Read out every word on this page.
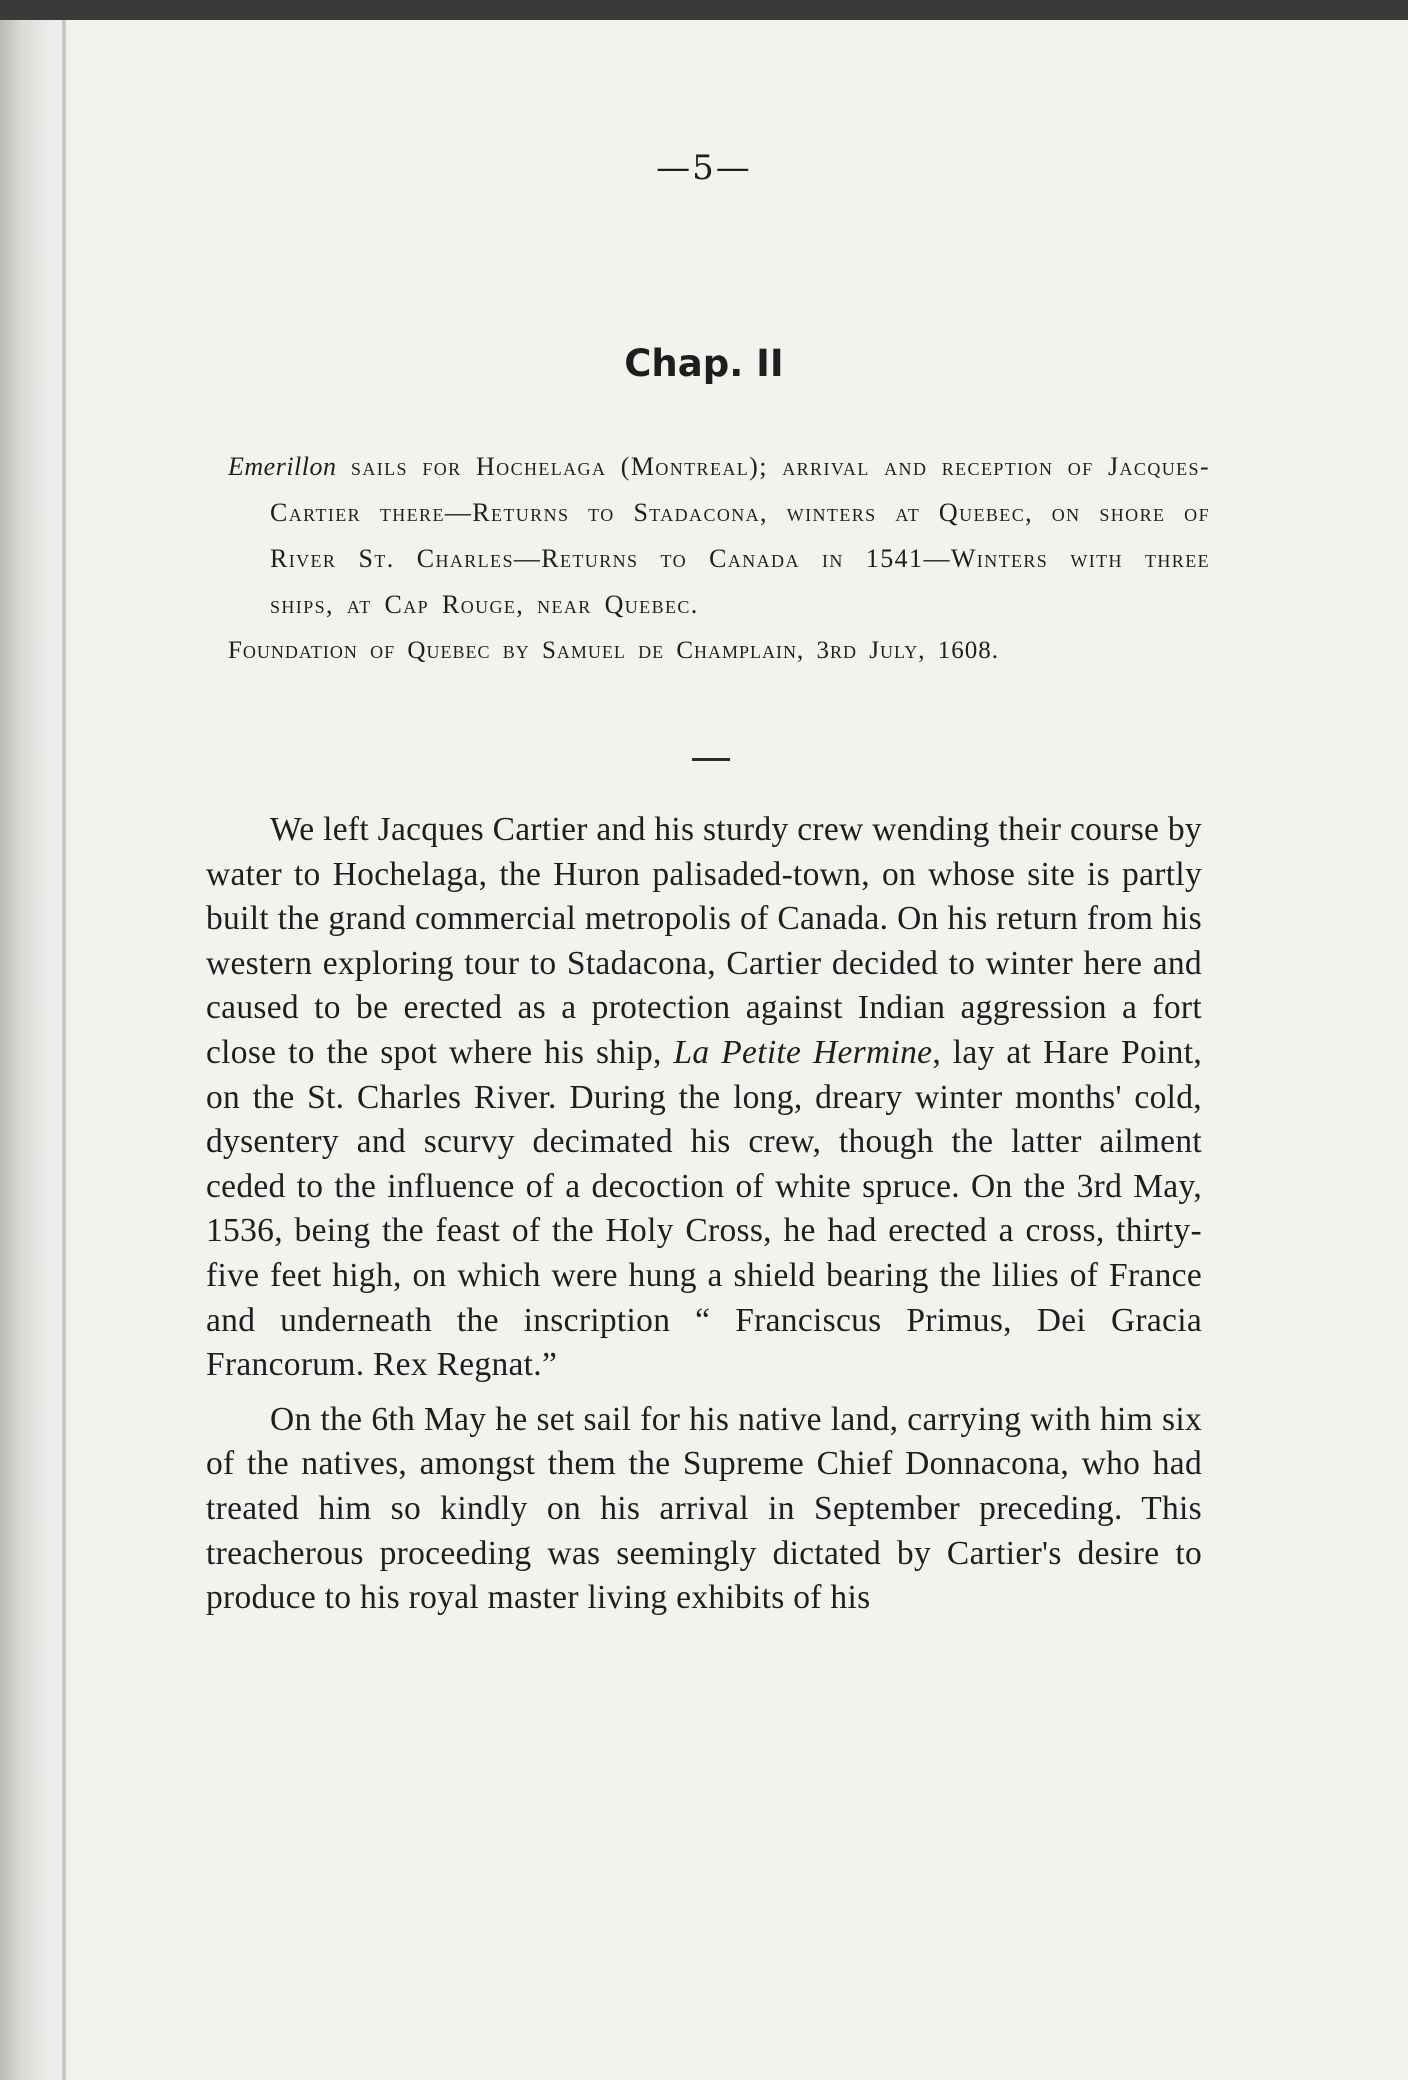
—5—
Chap. II

Emerillon sails for Hochelaga (Montreal); arrival and reception of Jacques-Cartier there—Returns to Stadacona, winters at Quebec, on shore of River St. Charles—Returns to Canada in 1541—Winters with three ships, at Cap Rouge, near Quebec.

Foundation of Quebec by Samuel de Champlain, 3rd July, 1608.

We left Jacques Cartier and his sturdy crew wending their course by water to Hochelaga, the Huron palisaded-town, on whose site is partly built the grand commercial metropolis of Canada. On his return from his western exploring tour to Stadacona, Cartier decided to winter here and caused to be erected as a protection against Indian aggression a fort close to the spot where his ship, La Petite Hermine, lay at Hare Point, on the St. Charles River. During the long, dreary winter months' cold, dysentery and scurvy decimated his crew, though the latter ailment ceded to the influence of a decoction of white spruce. On the 3rd May, 1536, being the feast of the Holy Cross, he had erected a cross, thirty-five feet high, on which were hung a shield bearing the lilies of France and underneath the inscription “ Franciscus Primus, Dei Gracia Francorum. Rex Regnat.”

On the 6th May he set sail for his native land, carrying with him six of the natives, amongst them the Supreme Chief Donnacona, who had treated him so kindly on his arrival in September preceding. This treacherous proceeding was seemingly dictated by Cartier's desire to produce to his royal master living exhibits of his
